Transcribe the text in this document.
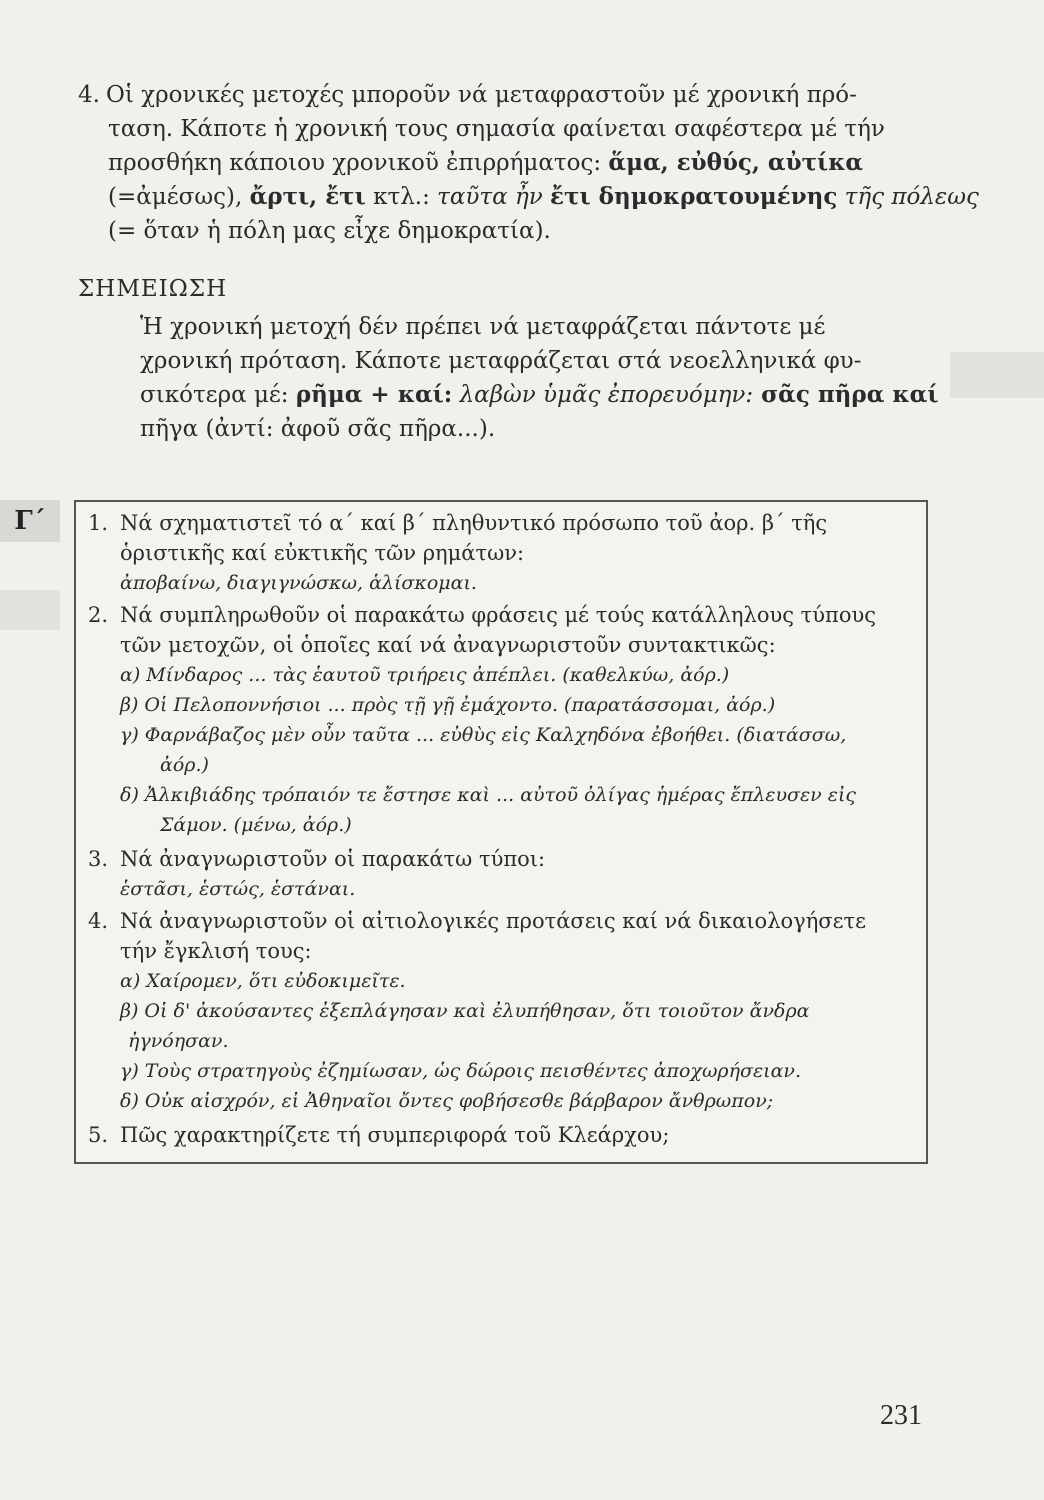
4. Οἱ χρονικές μετοχές μποροῦν νά μεταφραστοῦν μέ χρονική πρό-
ταση. Κάποτε ἡ χρονική τους σημασία φαίνεται σαφέστερα μέ τήν
προσθήκη κάποιου χρονικοῦ ἐπιρρήματος: ἅμα, εὐθύς, αὐτίκα
(=ἀμέσως), ἄρτι, ἔτι κτλ.: ταῦτα ἦν ἔτι δημοκρατουμένης τῆς πόλεως
(= ὅταν ἡ πόλη μας εἶχε δημοκρατία).
ΣΗΜΕΙΩΣΗ
Ἡ χρονική μετοχή δέν πρέπει νά μεταφράζεται πάντοτε μέ
χρονική πρόταση. Κάποτε μεταφράζεται στά νεοελληνικά φυ-
σικότερα μέ: ρῆμα + καί: λαβὼν ὑμᾶς ἐπορευόμην: σᾶς πῆρα καί
πῆγα (ἀντί: ἀφοῦ σᾶς πῆρα...).
Γ΄	1. Νά σχηματιστεῖ τό α΄ καί β΄ πληθυντικό πρόσωπο τοῦ ἀορ. β΄ τῆς
ὁριστικῆς καί εὐκτικῆς τῶν ρημάτων:
ἀποβαίνω, διαγιγνώσκω, ἁλίσκομαι.
2. Νά συμπληρωθοῦν οἱ παρακάτω φράσεις μέ τούς κατάλληλους τύπους
τῶν μετοχῶν, οἱ ὁποῖες καί νά ἀναγνωριστοῦν συντακτικῶς:
α) Μίνδαρος ... τὰς ἑαυτοῦ τριήρεις ἀπέπλει. (καθελκύω, ἀόρ.)
β) Οἱ Πελοποννήσιοι ... πρὸς τῇ γῇ ἐμάχοντο. (παρατάσσομαι, ἀόρ.)
γ) Φαρνάβαζος μὲν οὖν ταῦτα ... εὐθὺς εἰς Καλχηδόνα ἐβοήθει. (διατάσσω,
ἀόρ.)
δ) Ἀλκιβιάδης τρόπαιόν τε ἔστησε καὶ ... αὐτοῦ ὀλίγας ἡμέρας ἔπλευσεν εἰς
Σάμον. (μένω, ἀόρ.)
3. Νά ἀναγνωριστοῦν οἱ παρακάτω τύποι:
ἑστᾶσι, ἑστώς, ἑστάναι.
4. Νά ἀναγνωριστοῦν οἱ αἰτιολογικές προτάσεις καί νά δικαιολογήσετε
τήν ἔγκλισή τους:
α) Χαίρομεν, ὅτι εὐδοκιμεῖτε.
β) Οἱ δ' ἀκούσαντες ἐξεπλάγησαν καὶ ἐλυπήθησαν, ὅτι τοιοῦτον ἄνδρα
ἠγνόησαν.
γ) Τοὺς στρατηγοὺς ἐζημίωσαν, ὡς δώροις πεισθέντες ἀποχωρήσειαν.
δ) Οὐκ αἰσχρόν, εἰ Ἀθηναῖοι ὄντες φοβήσεσθε βάρβαρον ἄνθρωπον;
5. Πῶς χαρακτηρίζετε τή συμπεριφορά τοῦ Κλεάρχου;
231
